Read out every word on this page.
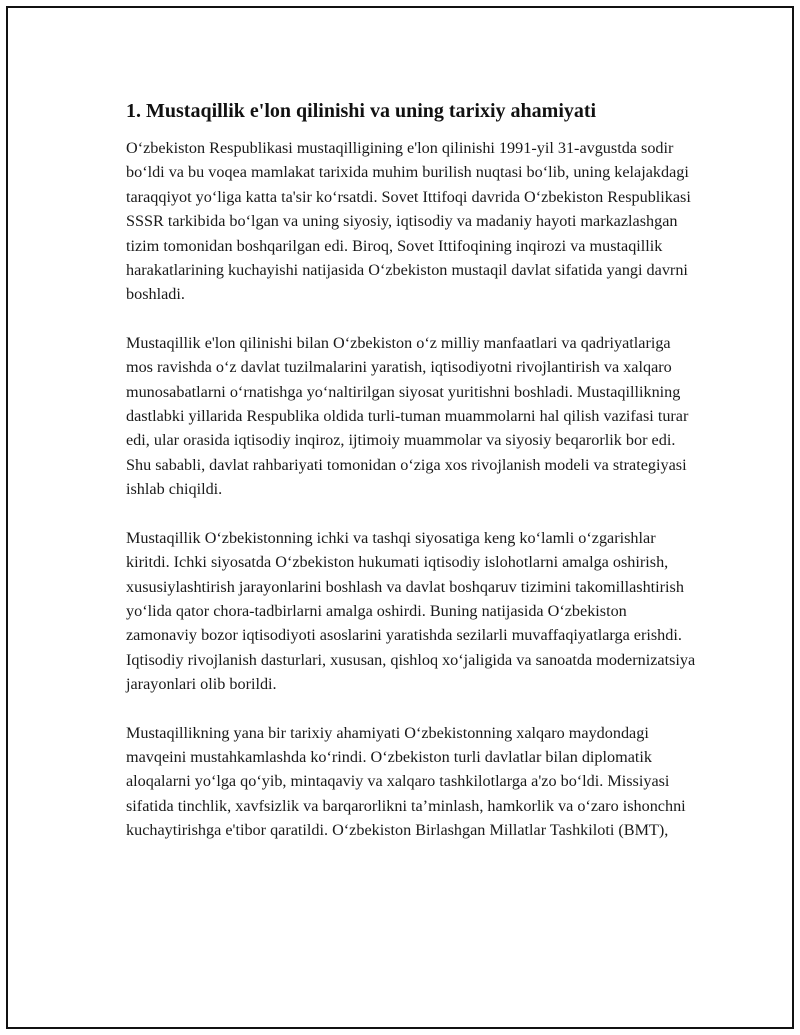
1. Mustaqillik e'lon qilinishi va uning tarixiy ahamiyati

O‘zbekiston Respublikasi mustaqilligining e'lon qilinishi 1991-yil 31-avgustda sodir bo‘ldi va bu voqea mamlakat tarixida muhim burilish nuqtasi bo‘lib, uning kelajakdagi taraqqiyot yo‘liga katta ta'sir ko‘rsatdi. Sovet Ittifoqi davrida O‘zbekiston Respublikasi SSSR tarkibida bo‘lgan va uning siyosiy, iqtisodiy va madaniy hayoti markazlashgan tizim tomonidan boshqarilgan edi. Biroq, Sovet Ittifoqining inqirozi va mustaqillik harakatlarining kuchayishi natijasida O‘zbekiston mustaqil davlat sifatida yangi davrni boshladi.

Mustaqillik e'lon qilinishi bilan O‘zbekiston o‘z milliy manfaatlari va qadriyatlariga mos ravishda o‘z davlat tuzilmalarini yaratish, iqtisodiyotni rivojlantirish va xalqaro munosabatlarni o‘rnatishga yo‘naltirilgan siyosat yuritishni boshladi. Mustaqillikning dastlabki yillarida Respublika oldida turli-tuman muammolarni hal qilish vazifasi turar edi, ular orasida iqtisodiy inqiroz, ijtimoiy muammolar va siyosiy beqarorlik bor edi. Shu sababli, davlat rahbariyati tomonidan o‘ziga xos rivojlanish modeli va strategiyasi ishlab chiqildi.

Mustaqillik O‘zbekistonning ichki va tashqi siyosatiga keng ko‘lamli o‘zgarishlar kiritdi. Ichki siyosatda O‘zbekiston hukumati iqtisodiy islohotlarni amalga oshirish, xususiylashtirish jarayonlarini boshlash va davlat boshqaruv tizimini takomillashtirish yo‘lida qator chora-tadbirlarni amalga oshirdi. Buning natijasida O‘zbekiston zamonaviy bozor iqtisodiyoti asoslarini yaratishda sezilarli muvaffaqiyatlarga erishdi. Iqtisodiy rivojlanish dasturlari, xususan, qishloq xo‘jaligida va sanoatda modernizatsiya jarayonlari olib borildi.

Mustaqillikning yana bir tarixiy ahamiyati O‘zbekistonning xalqaro maydondagi mavqeini mustahkamlashda ko‘rindi. O‘zbekiston turli davlatlar bilan diplomatik aloqalarni yo‘lga qo‘yib, mintaqaviy va xalqaro tashkilotlarga a'zo bo‘ldi. Missiyasi sifatida tinchlik, xavfsizlik va barqarorlikni ta’minlash, hamkorlik va o‘zaro ishonchni kuchaytirishga e'tibor qaratildi. O‘zbekiston Birlashgan Millatlar Tashkiloti (BMT),
